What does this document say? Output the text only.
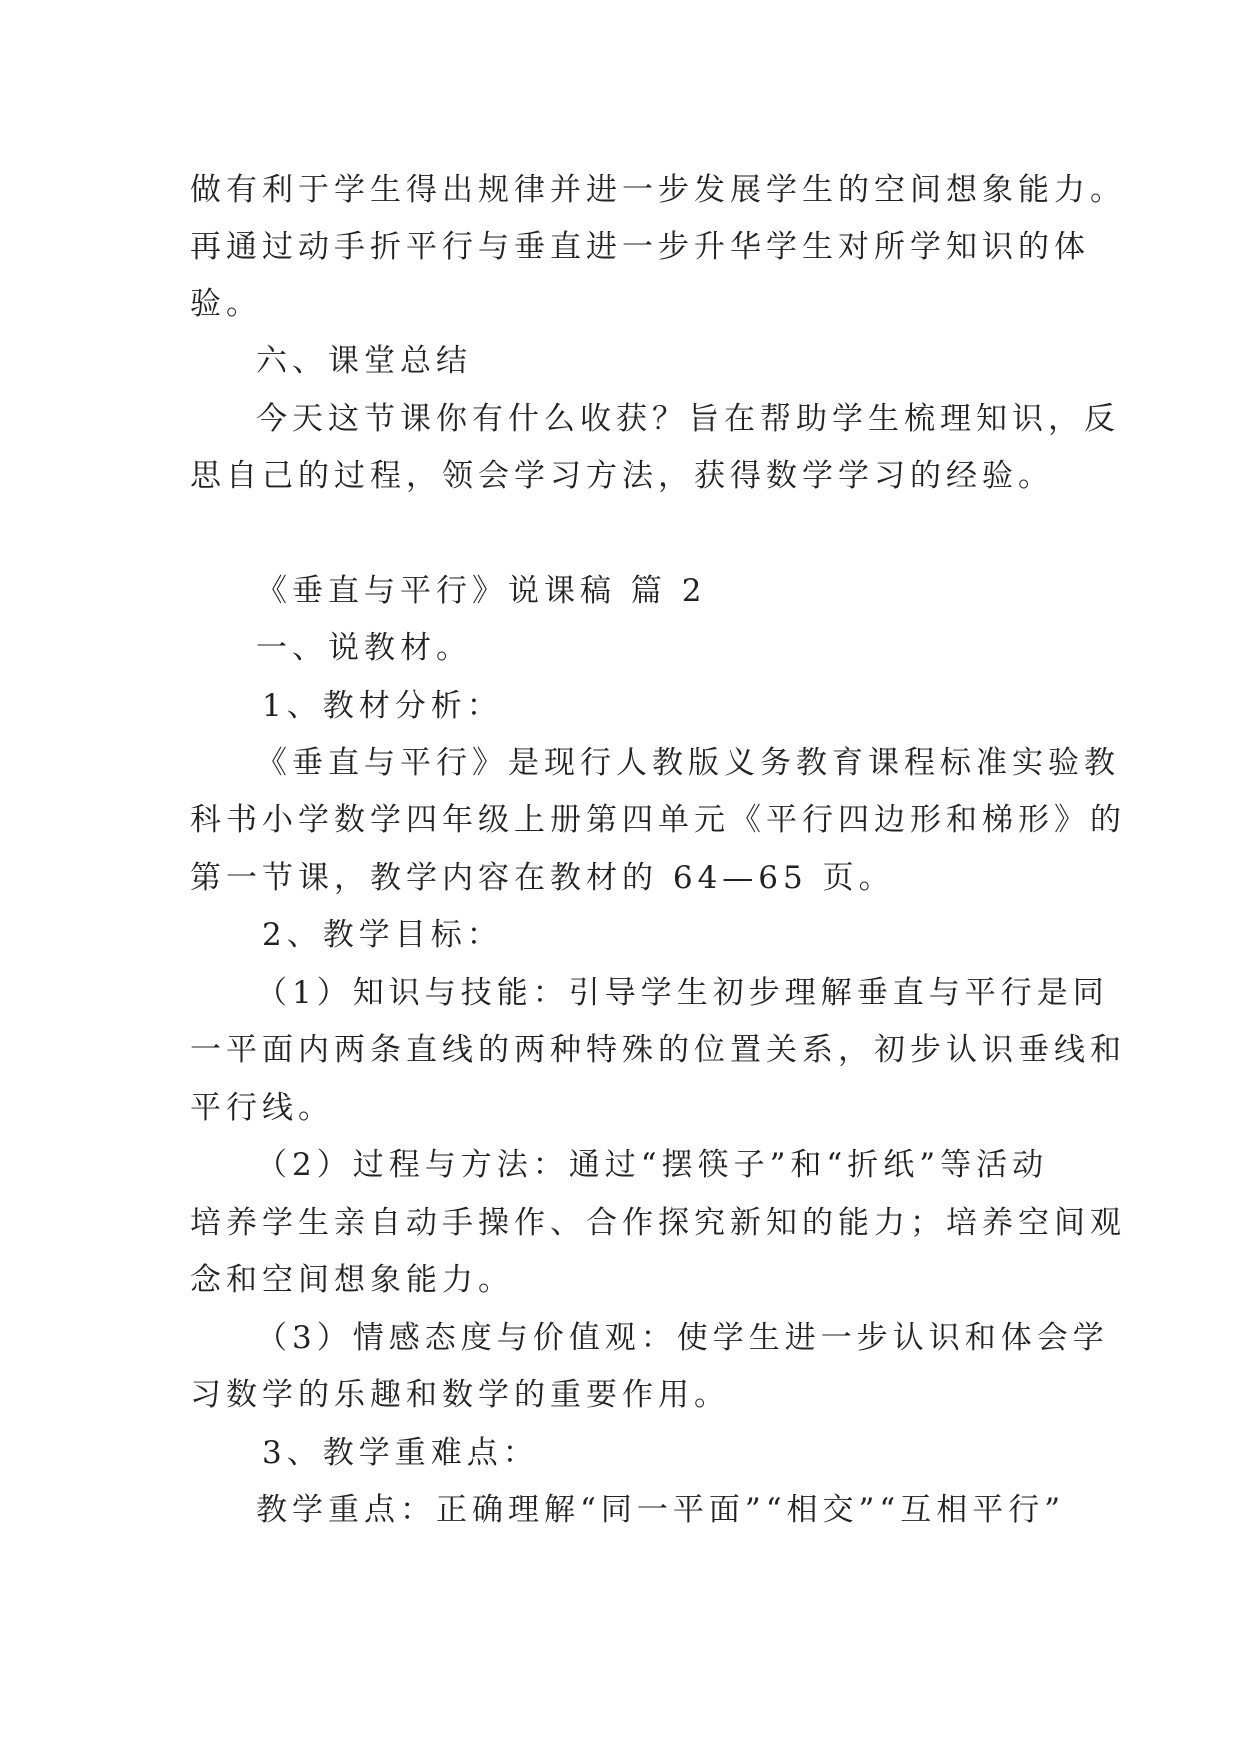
做有利于学生得出规律并进一步发展学生的空间想象能力。
再通过动手折平行与垂直进一步升华学生对所学知识的体
验。
六、课堂总结
今天这节课你有什么收获？旨在帮助学生梳理知识，反
思自己的过程，领会学习方法，获得数学学习的经验。
《垂直与平行》说课稿 篇 2
一、说教材。
1、教材分析：
《垂直与平行》是现行人教版义务教育课程标准实验教
科书小学数学四年级上册第四单元《平行四边形和梯形》的
第一节课，教学内容在教材的 64—65 页。
2、教学目标：
（1）知识与技能：引导学生初步理解垂直与平行是同
一平面内两条直线的两种特殊的位置关系，初步认识垂线和
平行线。
（2）过程与方法：通过“摆筷子”和“折纸”等活动
培养学生亲自动手操作、合作探究新知的能力；培养空间观
念和空间想象能力。
（3）情感态度与价值观：使学生进一步认识和体会学
习数学的乐趣和数学的重要作用。
3、教学重难点：
教学重点：正确理解“同一平面”“相交”“互相平行”
